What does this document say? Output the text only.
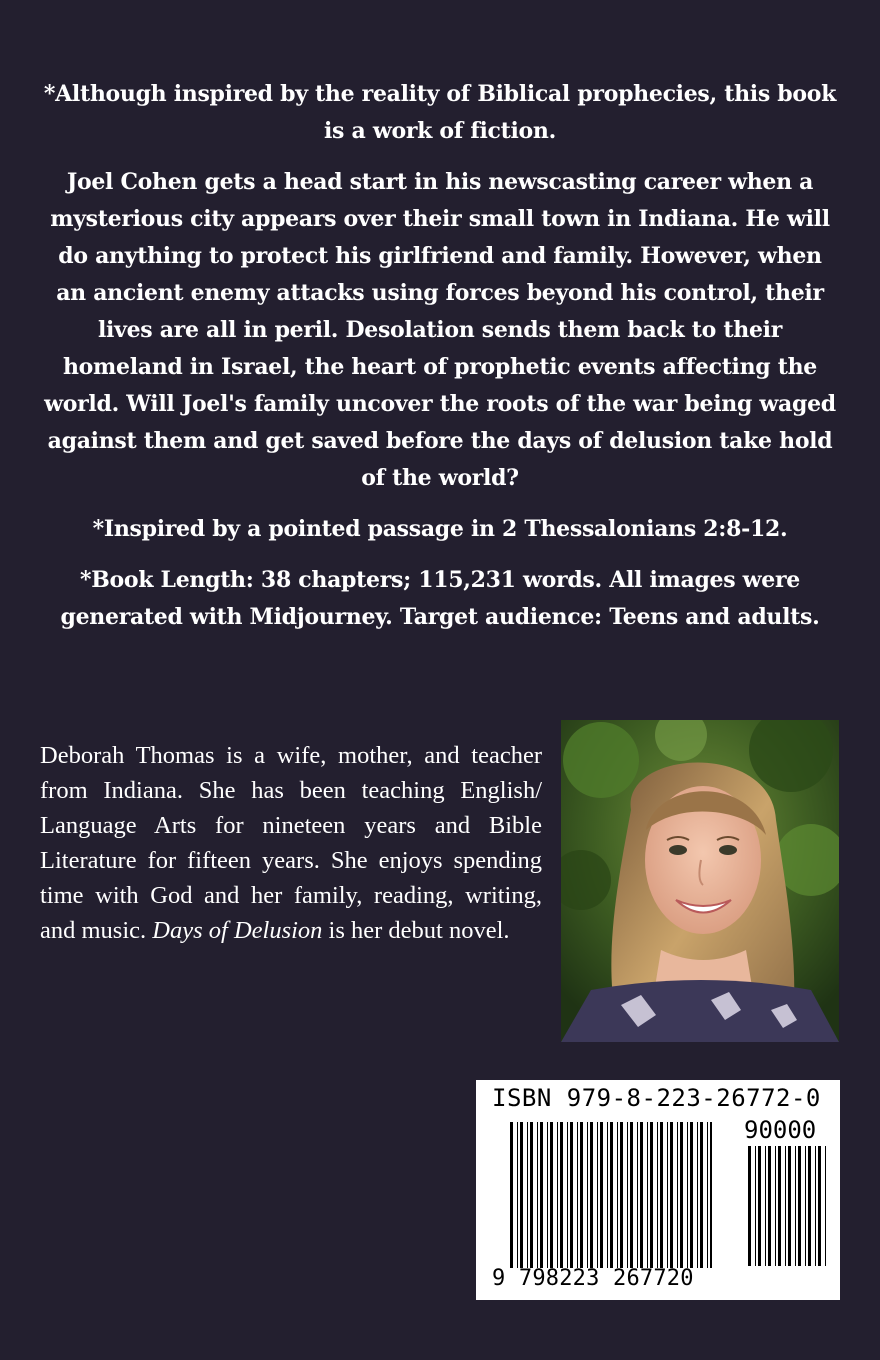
*Although inspired by the reality of Biblical prophecies, this book is a work of fiction.

Joel Cohen gets a head start in his newscasting career when a mysterious city appears over their small town in Indiana. He will do anything to protect his girlfriend and family. However, when an ancient enemy attacks using forces beyond his control, their lives are all in peril. Desolation sends them back to their homeland in Israel, the heart of prophetic events affecting the world. Will Joel's family uncover the roots of the war being waged against them and get saved before the days of delusion take hold of the world?

*Inspired by a pointed passage in 2 Thessalonians 2:8-12.

*Book Length: 38 chapters; 115,231 words. All images were generated with Midjourney. Target audience: Teens and adults.

Deborah Thomas is a wife, mother, and teacher from Indiana. She has been teaching English/ Language Arts for nineteen years and Bible Literature for fifteen years. She enjoys spending time with God and her family, reading, writing, and music. Days of Delusion is her debut novel.
ISBN 979-8-223-26772-0
90000
9 798223 267720
